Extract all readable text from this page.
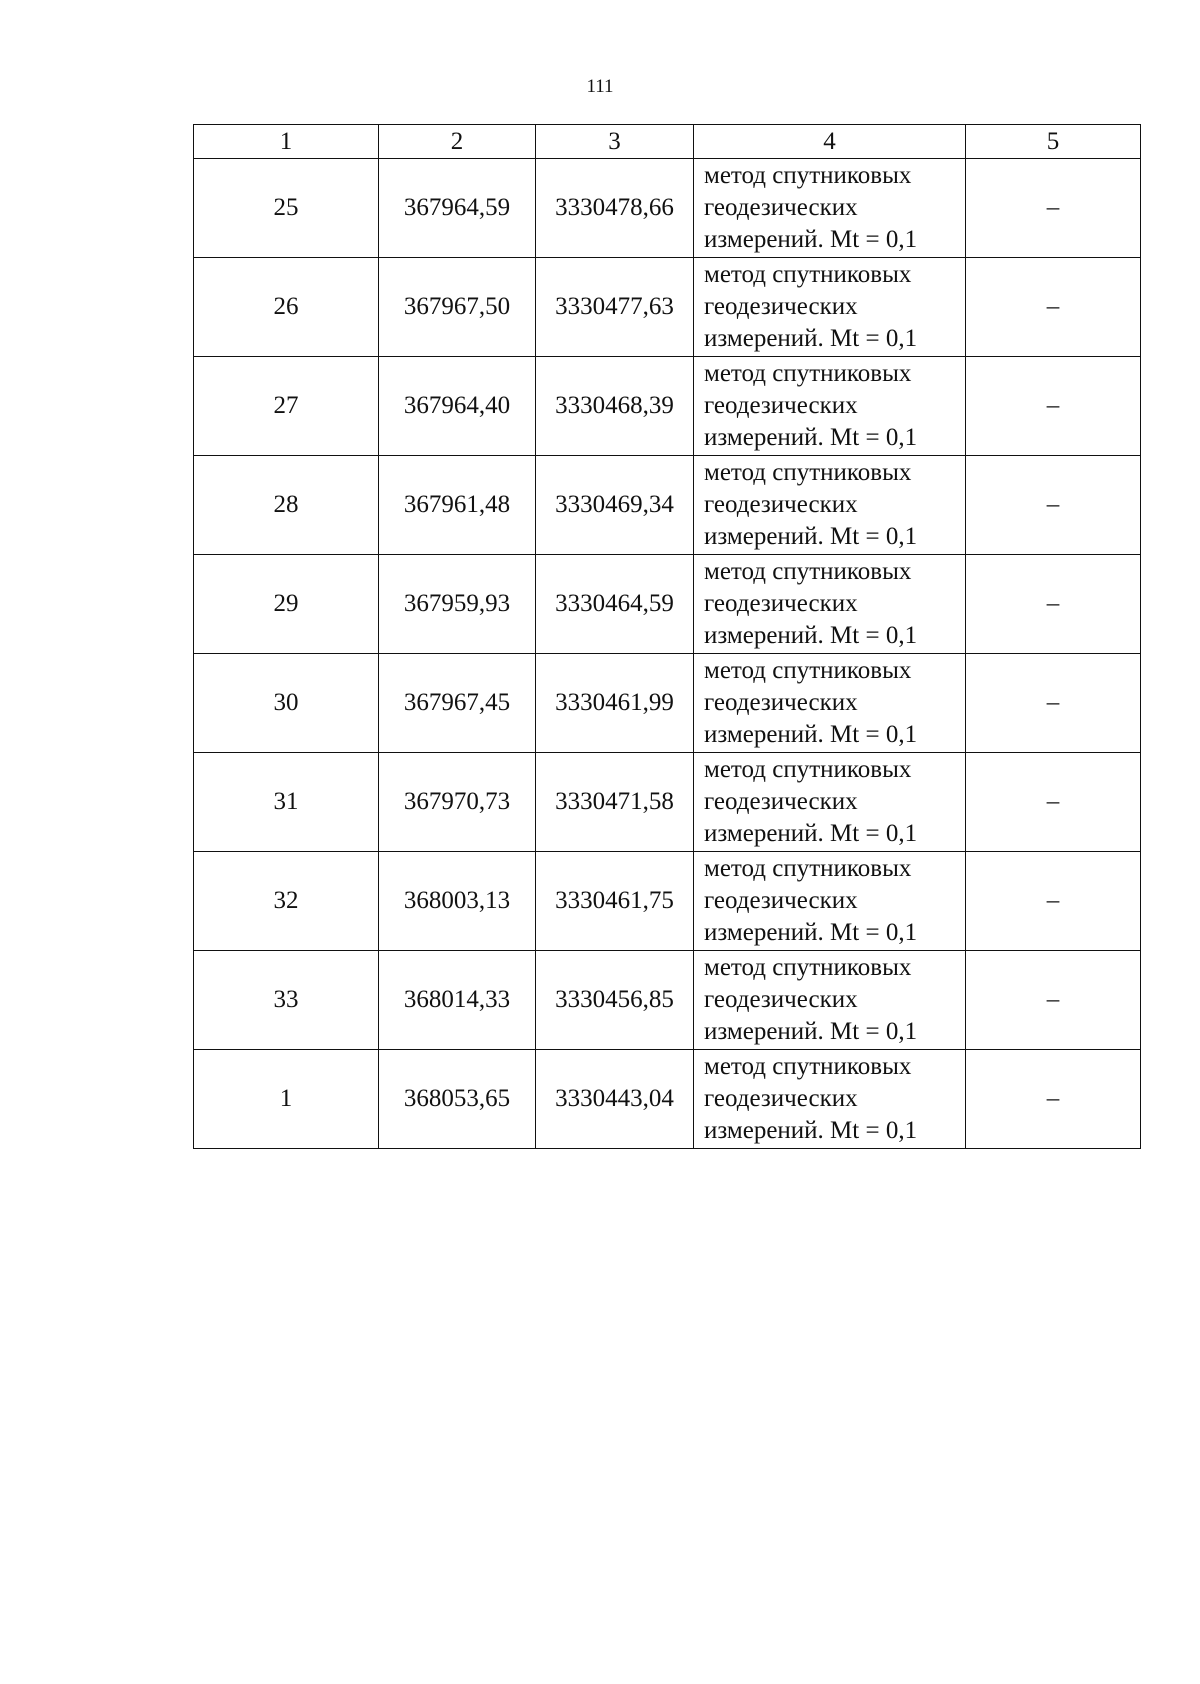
111
1	2	3	4	5
25	367964,59	3330478,66	метод спутниковых
геодезических
измерений. Mt = 0,1	–
26	367967,50	3330477,63	метод спутниковых
геодезических
измерений. Mt = 0,1	–
27	367964,40	3330468,39	метод спутниковых
геодезических
измерений. Mt = 0,1	–
28	367961,48	3330469,34	метод спутниковых
геодезических
измерений. Mt = 0,1	–
29	367959,93	3330464,59	метод спутниковых
геодезических
измерений. Mt = 0,1	–
30	367967,45	3330461,99	метод спутниковых
геодезических
измерений. Mt = 0,1	–
31	367970,73	3330471,58	метод спутниковых
геодезических
измерений. Mt = 0,1	–
32	368003,13	3330461,75	метод спутниковых
геодезических
измерений. Mt = 0,1	–
33	368014,33	3330456,85	метод спутниковых
геодезических
измерений. Mt = 0,1	–
1	368053,65	3330443,04	метод спутниковых
геодезических
измерений. Mt = 0,1	–
